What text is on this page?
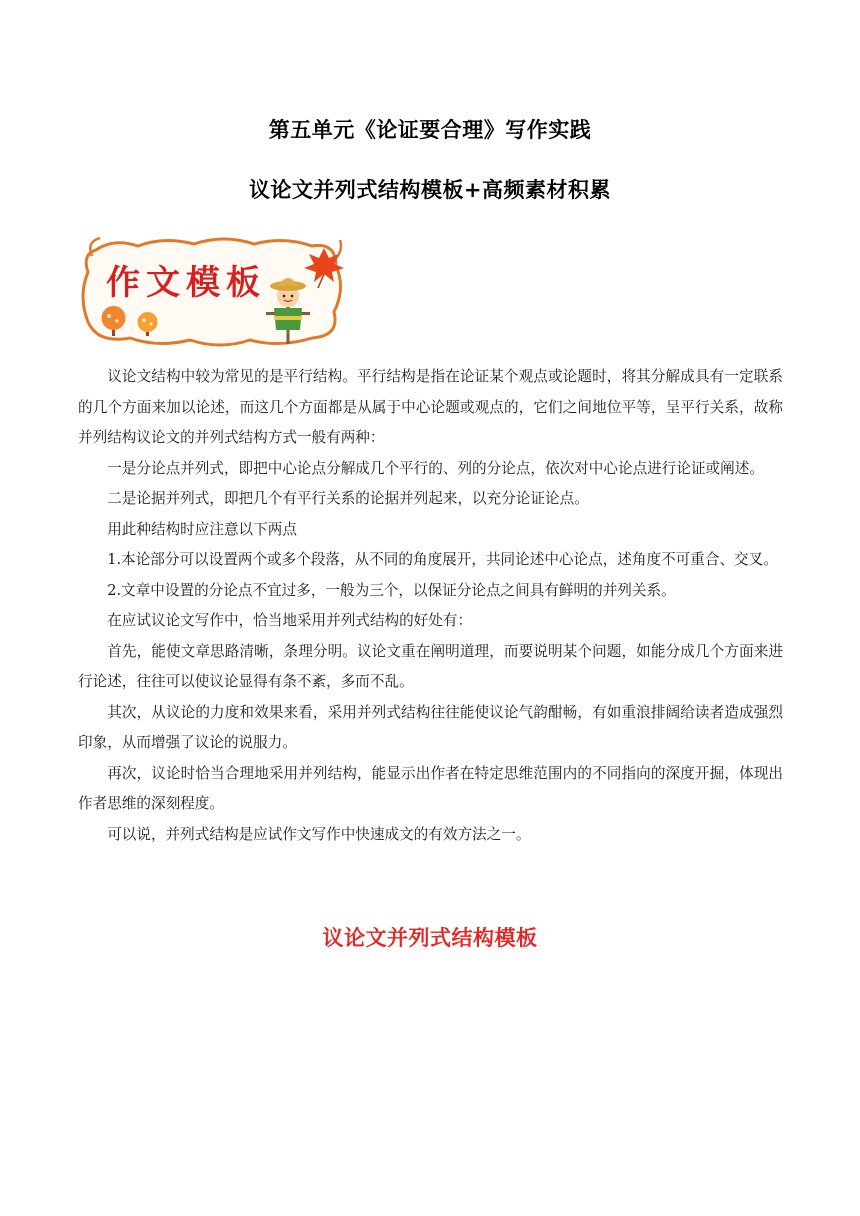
第五单元《论证要合理》写作实践
议论文并列式结构模板+高频素材积累
作文模板

议论文结构中较为常见的是平行结构。平行结构是指在论证某个观点或论题时，将其分解成具有一定联系的几个方面来加以论述，而这几个方面都是从属于中心论题或观点的，它们之间地位平等，呈平行关系，故称并列结构议论文的并列式结构方式一般有两种：

一是分论点并列式，即把中心论点分解成几个平行的、列的分论点，依次对中心论点进行论证或阐述。

二是论据并列式，即把几个有平行关系的论据并列起来，以充分论证论点。

用此种结构时应注意以下两点

1.本论部分可以设置两个或多个段落，从不同的角度展开，共同论述中心论点，述角度不可重合、交叉。

2.文章中设置的分论点不宜过多，一般为三个，以保证分论点之间具有鲜明的并列关系。

在应试议论文写作中，恰当地采用并列式结构的好处有：

首先，能使文章思路清晰，条理分明。议论文重在阐明道理，而要说明某个问题，如能分成几个方面来进行论述，往往可以使议论显得有条不紊，多而不乱。

其次，从议论的力度和效果来看，采用并列式结构往往能使议论气韵酣畅，有如重浪排阔给读者造成强烈印象，从而增强了议论的说服力。

再次，议论时恰当合理地采用并列结构，能显示出作者在特定思维范围内的不同指向的深度开掘，体现出作者思维的深刻程度。

可以说，并列式结构是应试作文写作中快速成文的有效方法之一。

议论文并列式结构模板
